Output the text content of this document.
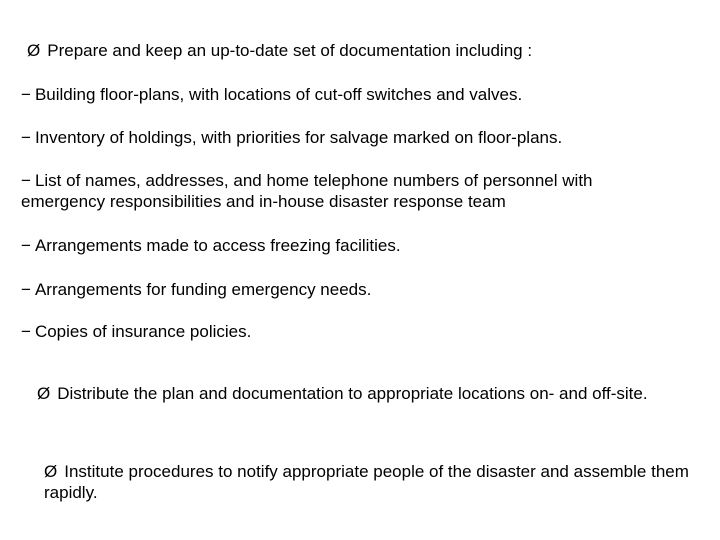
Ø Prepare and keep an up-to-date set of documentation including :
− Building floor-plans, with locations of cut-off switches and valves.
− Inventory of holdings, with priorities for salvage marked on floor-plans.
− List of names, addresses, and home telephone numbers of personnel with emergency responsibilities and in-house disaster response team
− Arrangements made to access freezing facilities.
− Arrangements for funding emergency needs.
− Copies of insurance policies.
Ø Distribute the plan and documentation to appropriate locations on- and off-site.
Ø Institute procedures to notify appropriate people of the disaster and assemble them rapidly.
